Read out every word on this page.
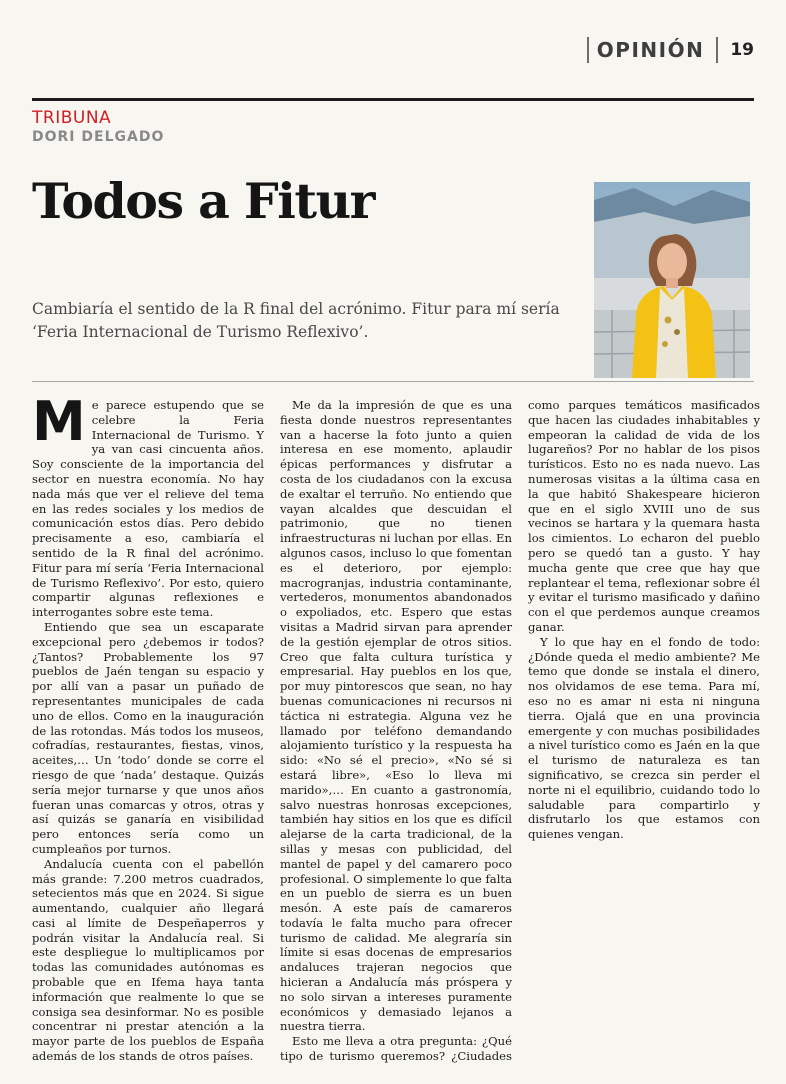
OPINIÓN	19
TRIBUNA
DORI DELGADO
Todos a Fitur
Cambiaría el sentido de la R final del acrónimo. Fitur para mí sería ‘Feria Internacional de Turismo Reflexivo’.

Me parece estupendo que se celebre la Feria Internacional de Turismo. Y ya van casi cincuenta años. Soy consciente de la importancia del sector en nuestra economía. No hay nada más que ver el relieve del tema en las redes sociales y los medios de comunicación estos días. Pero debido precisamente a eso, cambiaría el sentido de la R final del acrónimo. Fitur para mí sería ‘Feria Internacional de Turismo Reflexivo’. Por esto, quiero compartir algunas reflexiones e interrogantes sobre este tema.

Entiendo que sea un escaparate excepcional pero ¿debemos ir todos? ¿Tantos? Probablemente los 97 pueblos de Jaén tengan su espacio y por allí van a pasar un puñado de representantes municipales de cada uno de ellos. Como en la inauguración de las rotondas. Más todos los museos, cofradías, restaurantes, fiestas, vinos, aceites,… Un ‘todo’ donde se corre el riesgo de que ‘nada’ destaque. Quizás sería mejor turnarse y que unos años fueran unas comarcas y otros, otras y así quizás se ganaría en visibilidad pero entonces sería como un cumpleaños por turnos.

Andalucía cuenta con el pabellón más grande: 7.200 metros cuadrados, setecientos más que en 2024. Si sigue aumentando, cualquier año llegará casi al límite de Despeñaperros y podrán visitar la Andalucía real. Si este despliegue lo multiplicamos por todas las comunidades autónomas es probable que en Ifema haya tanta información que realmente lo que se consiga sea desinformar. No es posible concentrar ni prestar atención a la mayor parte de los pueblos de España además de los stands de otros países.

Me da la impresión de que es una fiesta donde nuestros representantes van a hacerse la foto junto a quien interesa en ese momento, aplaudir épicas performances y disfrutar a costa de los ciudadanos con la excusa de exaltar el terruño. No entiendo que vayan alcaldes que descuidan el patrimonio, que no tienen infraestructuras ni luchan por ellas. En algunos casos, incluso lo que fomentan es el deterioro, por ejemplo: macrogranjas, industria contaminante, vertederos, monumentos abandonados o expoliados, etc. Espero que estas visitas a Madrid sirvan para aprender de la gestión ejemplar de otros sitios. Creo que falta cultura turística y empresarial. Hay pueblos en los que, por muy pintorescos que sean, no hay buenas comunicaciones ni recursos ni táctica ni estrategia. Alguna vez he llamado por teléfono demandando alojamiento turístico y la respuesta ha sido: «No sé el precio», «No sé si estará libre», «Eso lo lleva mi marido»,… En cuanto a gastronomía, salvo nuestras honrosas excepciones, también hay sitios en los que es difícil alejarse de la carta tradicional, de la sillas y mesas con publicidad, del mantel de papel y del camarero poco profesional. O simplemente lo que falta en un pueblo de sierra es un buen mesón. A este país de camareros todavía le falta mucho para ofrecer turismo de calidad. Me alegraría sin límite si esas docenas de empresarios andaluces trajeran negocios que hicieran a Andalucía más próspera y no solo sirvan a intereses puramente económicos y demasiado lejanos a nuestra tierra.

Esto me lleva a otra pregunta: ¿Qué tipo de turismo queremos? ¿Ciudades como parques temáticos masificados que hacen las ciudades inhabitables y empeoran la calidad de vida de los lugareños? Por no hablar de los pisos turísticos. Esto no es nada nuevo. Las numerosas visitas a la última casa en la que habitó Shakespeare hicieron que en el siglo XVIII uno de sus vecinos se hartara y la quemara hasta los cimientos. Lo echaron del pueblo pero se quedó tan a gusto. Y hay mucha gente que cree que hay que replantear el tema, reflexionar sobre él y evitar el turismo masificado y dañino con el que perdemos aunque creamos ganar.

Y lo que hay en el fondo de todo: ¿Dónde queda el medio ambiente? Me temo que donde se instala el dinero, nos olvidamos de ese tema. Para mí, eso no es amar ni esta ni ninguna tierra. Ojalá que en una provincia emergente y con muchas posibilidades a nivel turístico como es Jaén en la que el turismo de naturaleza es tan significativo, se crezca sin perder el norte ni el equilibrio, cuidando todo lo saludable para compartirlo y disfrutarlo los que estamos con quienes vengan.
